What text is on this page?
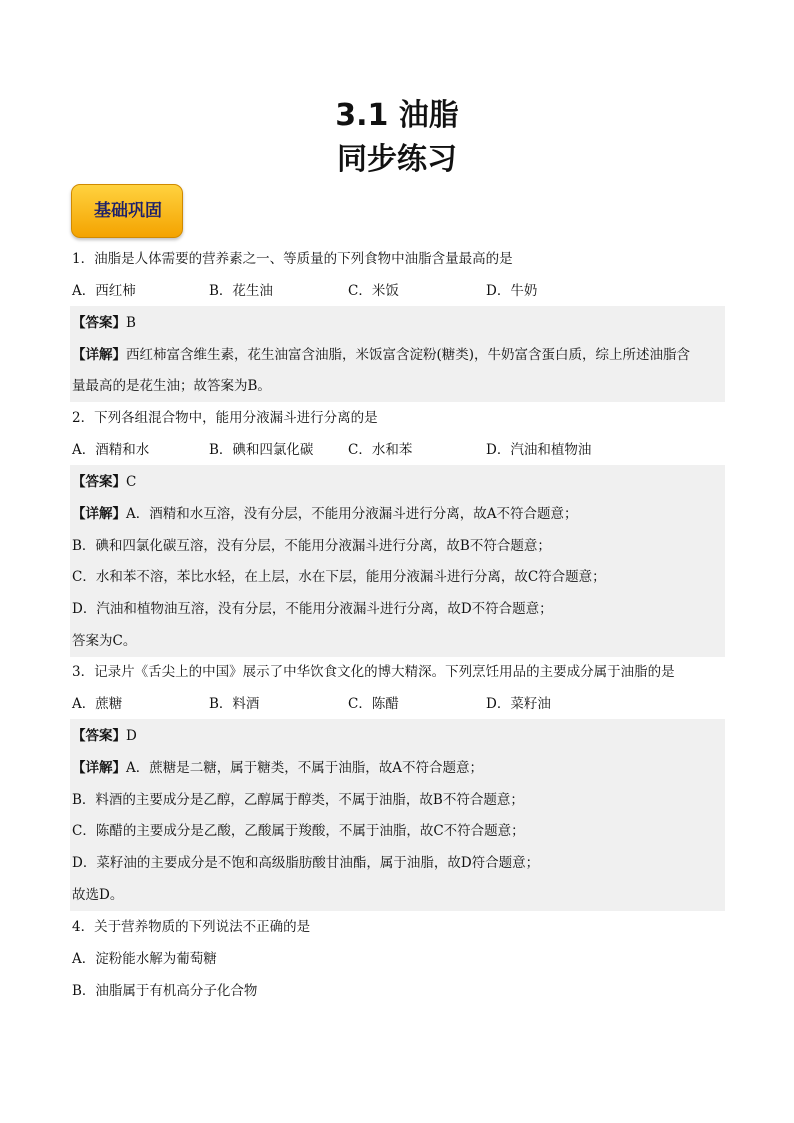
3.1 油脂
同步练习
基础巩固
1．油脂是人体需要的营养素之一、等质量的下列食物中油脂含量最高的是
A．西红柿	B．花生油	C．米饭	D．牛奶
【答案】B
【详解】西红柿富含维生素，花生油富含油脂，米饭富含淀粉(糖类)，牛奶富含蛋白质，综上所述油脂含
量最高的是花生油；故答案为B。
2．下列各组混合物中，能用分液漏斗进行分离的是
A．酒精和水	B．碘和四氯化碳	C．水和苯	D．汽油和植物油
【答案】C
【详解】A．酒精和水互溶，没有分层，不能用分液漏斗进行分离，故A不符合题意；
B．碘和四氯化碳互溶，没有分层，不能用分液漏斗进行分离，故B不符合题意；
C．水和苯不溶，苯比水轻，在上层，水在下层，能用分液漏斗进行分离，故C符合题意；
D．汽油和植物油互溶，没有分层，不能用分液漏斗进行分离，故D不符合题意；
答案为C。
3．记录片《舌尖上的中国》展示了中华饮食文化的博大精深。下列烹饪用品的主要成分属于油脂的是
A．蔗糖	B．料酒	C．陈醋	D．菜籽油
【答案】D
【详解】A．蔗糖是二糖，属于糖类，不属于油脂，故A不符合题意；
B．料酒的主要成分是乙醇，乙醇属于醇类，不属于油脂，故B不符合题意；
C．陈醋的主要成分是乙酸，乙酸属于羧酸，不属于油脂，故C不符合题意；
D．菜籽油的主要成分是不饱和高级脂肪酸甘油酯，属于油脂，故D符合题意；
故选D。
4．关于营养物质的下列说法不正确的是
A．淀粉能水解为葡萄糖
B．油脂属于有机高分子化合物
